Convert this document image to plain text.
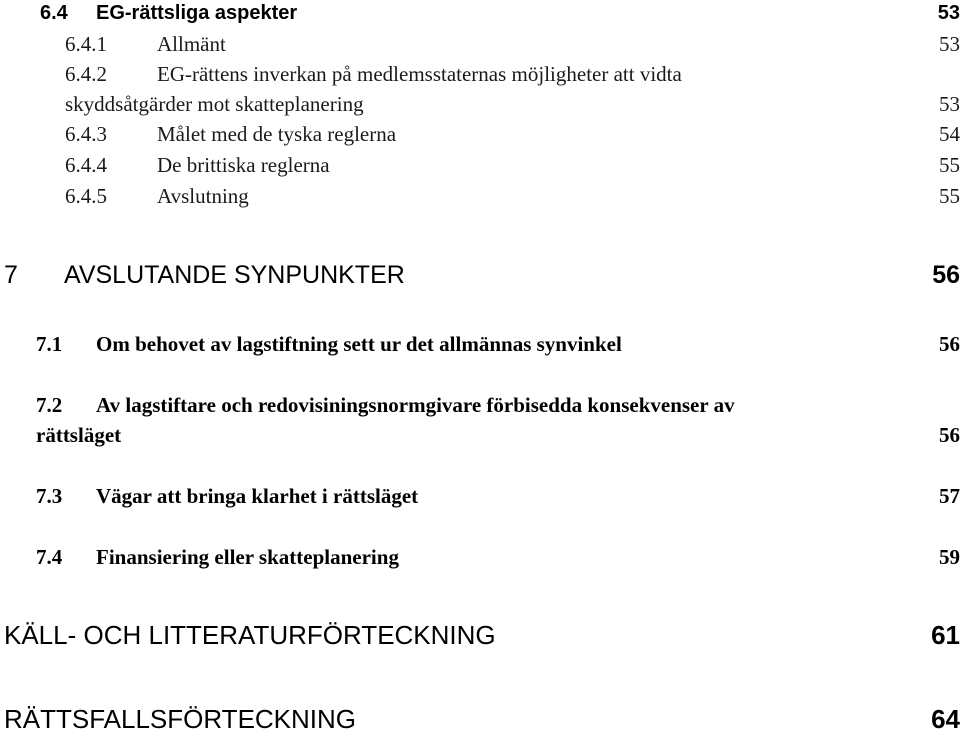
6.4 EG-rättsliga aspekter	53
6.4.1 Allmänt	53
6.4.2 EG-rättens inverkan på medlemsstaternas möjligheter att vidta
skyddsåtgärder mot skatteplanering	53
6.4.3 Målet med de tyska reglerna	54
6.4.4 De brittiska reglerna	55
6.4.5 Avslutning	55
7 AVSLUTANDE SYNPUNKTER	56
7.1 Om behovet av lagstiftning sett ur det allmännas synvinkel	56
7.2 Av lagstiftare och redovisiningsnormgivare förbisedda konsekvenser av
rättsläget	56
7.3 Vägar att bringa klarhet i rättsläget	57
7.4 Finansiering eller skatteplanering	59
KÄLL- OCH LITTERATURFÖRTECKNING	61
RÄTTSFALLSFÖRTECKNING	64
